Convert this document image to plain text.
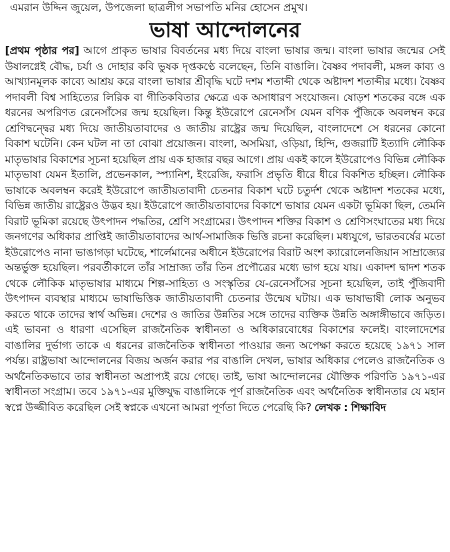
এমরান উদ্দিন জুয়েল, উপজেলা ছাত্রলীগ সভাপতি মনির হোসেন প্রমুখ।
ভাষা আন্দোলনের

[প্রথম পৃষ্ঠার পর] আগে প্রাকৃত ভাষার বিবর্তনের মধ্য দিয়ে বাংলা ভাষার জন্ম। বাংলা ভাষার জন্মের সেই উষালগ্নেই বৌদ্ধ, চর্যা ও দোহার কবি ভুষক দৃপ্তকণ্ঠে বলেছেন, তিনি বাঙালি। বৈষ্ণব পদাবলী, মঙ্গল কাব্য ও আখ্যানমূলক কাব্যে আশ্রয় করে বাংলা ভাষার শ্রীবৃদ্ধি ঘটে দশম শতাব্দী থেকে অষ্টাদশ শতাব্দীর মধ্যে। বৈষ্ণব পদাবলী বিশ্ব সাহিত্যের লিরিক বা গীতিকবিতার ক্ষেত্রে এক অসাধারণ সংযোজন। ষোড়শ শতকের বঙ্গে এক ধরনের অপরিণত রেনেসাঁসের জন্ম হয়েছিল। কিন্তু ইউরোপে রেনেসাঁস যেমন বণিক পুঁজিকে অবলম্বন করে শ্রেণিদ্বন্দ্বের মধ্য দিয়ে জাতীয়তাবাদের ও জাতীয় রাষ্ট্রের জন্ম দিয়েছিল, বাংলাদেশে সে ধরনের কোনো বিকাশ ঘটেনি। কেন ঘটল না তা বোঝা প্রয়োজন। বাংলা, অসমিয়া, ওড়িয়া, হিন্দি, গুজরাটি ইত্যাদি লৌকিক মাতৃভাষার বিকাশের সূচনা হয়েছিল প্রায় এক হাজার বছর আগে। প্রায় একই কালে ইউরোপেও বিভিন্ন লৌকিক মাতৃভাষা যেমন ইতালি, প্রভেনকাল, স্প্যানিশ, ইংরেজি, ফরাসি প্রভৃতি ধীরে ধীরে বিকশিত হচ্ছিল। লৌকিক ভাষাকে অবলম্বন করেই ইউরোপে জাতীয়তাবাদী চেতনার বিকাশ ঘটে চতুর্দশ থেকে অষ্টাদশ শতকের মধ্যে, বিভিন্ন জাতীয় রাষ্ট্রেরও উদ্ভব হয়। ইউরোপে জাতীয়তাবাদের বিকাশে ভাষার যেমন একটা ভূমিকা ছিল, তেমনি বিরাট ভূমিকা রয়েছে উৎপাদন পদ্ধতির, শ্রেণি সংগ্রামের। উৎপাদন শক্তির বিকাশ ও শ্রেণিসংঘাতের মধ্য দিয়ে জনগণের অধিকার প্রাপ্তিই জাতীয়তাবাদের আর্থ-সামাজিক ভিত্তি রচনা করেছিল। মধ্যযুগে, ভারতবর্ষের মতো ইউরোপেও নানা ভাঙাগড়া ঘটেছে, শার্লেমানের অধীনে ইউরোপের বিরাট অংশ ক্যারোলেনজিয়ান সাম্রাজ্যের অন্তর্ভুক্ত হয়েছিল। পরবর্তীকালে তাঁর সাম্রাজ্য তাঁর তিন প্রপৌত্রের মধ্যে ভাগ হয়ে যায়। একাদশ দ্বাদশ শতক থেকে লৌকিক মাতৃভাষার মাধ্যমে শিল্প-সাহিত্য ও সংস্কৃতির যে-রেনেসাঁসের সূচনা হয়েছিল, তাই পুঁজিবাদী উৎপাদন ব্যবস্থার মাধ্যমে ভাষাভিত্তিক জাতীয়তাবাদী চেতনার উন্মেষ ঘটায়। এক ভাষাভাষী লোক অনুভব করতে থাকে তাদের স্বার্থ অভিন্ন। দেশের ও জাতির উন্নতির সঙ্গে তাদের ব্যক্তিক উন্নতি অঙ্গাঙ্গীভাবে জড়িত। এই ভাবনা ও ধারণা এসেছিল রাজনৈতিক স্বাধীনতা ও অধিকারবোধের বিকাশের ফলেই। বাংলাদেশের বাঙালির দুর্ভাগ্য তাকে এ ধরনের রাজনৈতিক স্বাধীনতা পাওয়ার জন্য অপেক্ষা করতে হয়েছে ১৯৭১ সাল পর্যন্ত। রাষ্ট্রভাষা আন্দোলনের বিজয় অর্জন করার পর বাঙালি দেখল, ভাষার অধিকার পেলেও রাজনৈতিক ও অর্থনৈতিকভাবে তার স্বাধীনতা অপ্রাপ্যই রয়ে গেছে। তাই, ভাষা আন্দোলনের যৌক্তিক পরিণতি ১৯৭১-এর স্বাধীনতা সংগ্রাম। তবে ১৯৭১-এর মুক্তিযুদ্ধ বাঙালিকে পূর্ণ রাজনৈতিক এবং অর্থনৈতিক স্বাধীনতার যে মহান স্বপ্নে উজ্জীবিত করেছিল সেই স্বপ্নকে এখনো আমরা পূর্ণতা দিতে পেরেছি কি? লেখক : শিক্ষাবিদ
